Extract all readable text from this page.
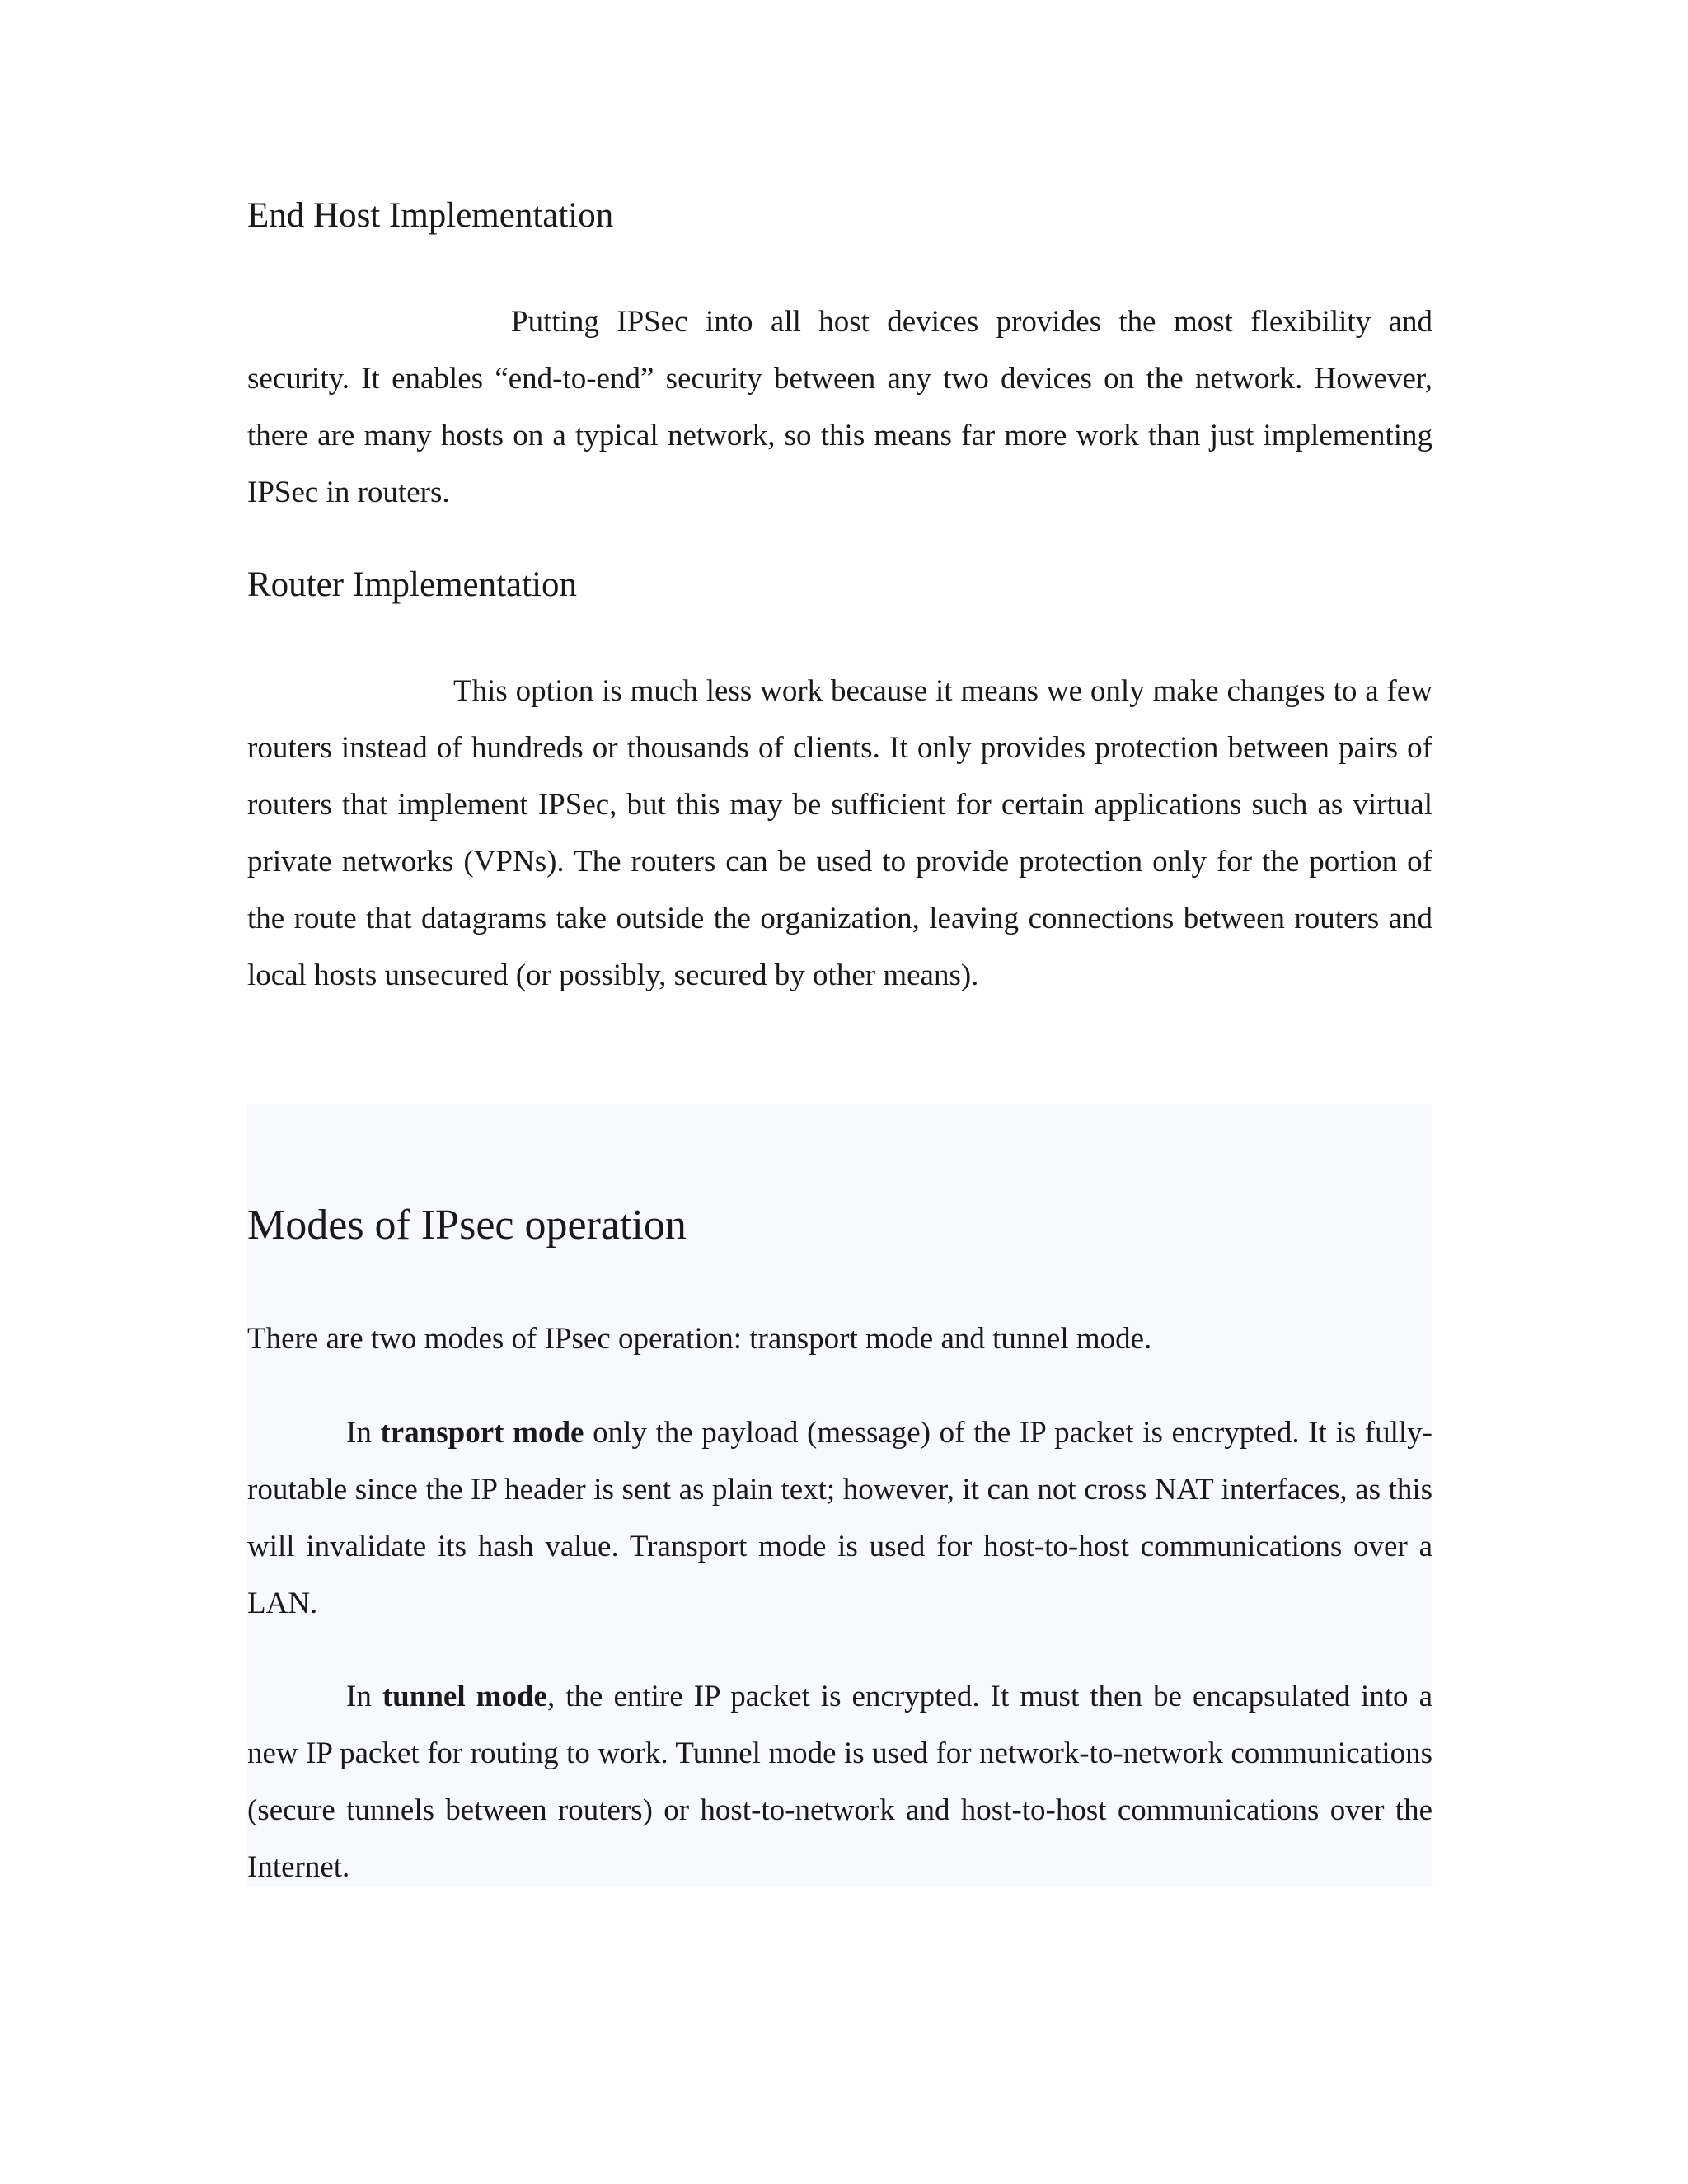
End Host Implementation

Putting IPSec into all host devices provides the most flexibility and security. It enables “end-to-end” security between any two devices on the network. However, there are many hosts on a typical network, so this means far more work than just implementing IPSec in routers.

Router Implementation

This option is much less work because it means we only make changes to a few routers instead of hundreds or thousands of clients. It only provides protection between pairs of routers that implement IPSec, but this may be sufficient for certain applications such as virtual private networks (VPNs). The routers can be used to provide protection only for the portion of the route that datagrams take outside the organization, leaving connections between routers and local hosts unsecured (or possibly, secured by other means).

Modes of IPsec operation

There are two modes of IPsec operation: transport mode and tunnel mode.

In transport mode only the payload (message) of the IP packet is encrypted. It is fully-routable since the IP header is sent as plain text; however, it can not cross NAT interfaces, as this will invalidate its hash value. Transport mode is used for host-to-host communications over a LAN.

In tunnel mode, the entire IP packet is encrypted. It must then be encapsulated into a new IP packet for routing to work. Tunnel mode is used for network-to-network communications (secure tunnels between routers) or host-to-network and host-to-host communications over the Internet.
